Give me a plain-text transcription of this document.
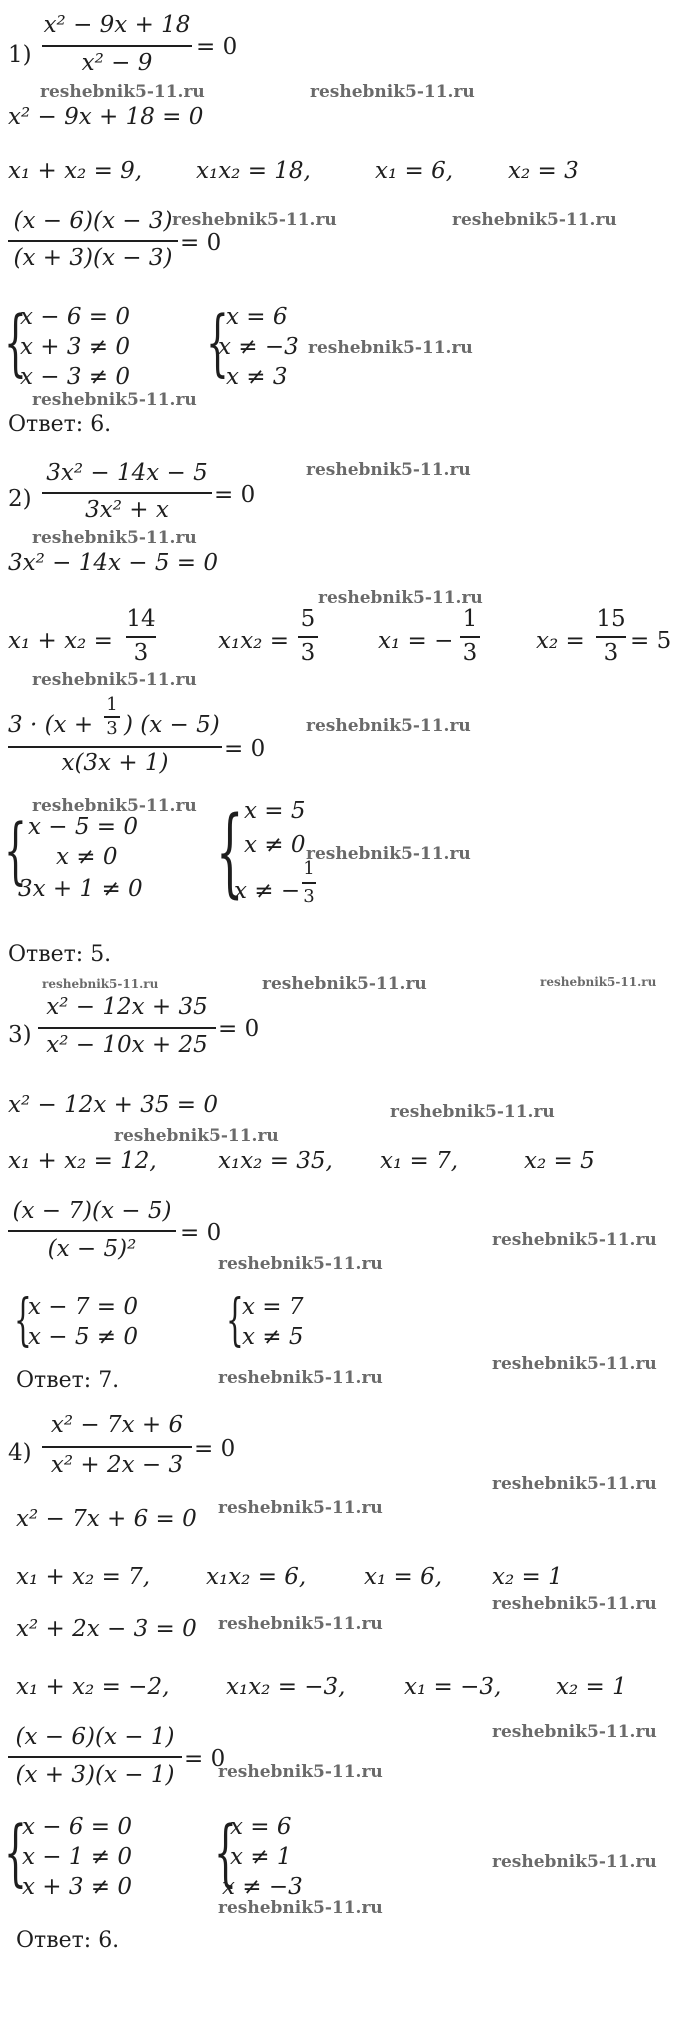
1)
x² − 9x + 18
x² − 9
= 0
reshebnik5-11.ru	reshebnik5-11.ru
x² − 9x + 18 = 0
x₁ + x₂ = 9, x₁x₂ = 18,	x₁ = 6, x₂ = 3
(x − 6)(x − 3)
(x + 3)(x − 3)
= 0
reshebnik5-11.ru	reshebnik5-11.ru
{
x − 6 = 0
x + 3 ≠ 0
x − 3 ≠ 0 {
x = 6
x ≠ −3
x ≠ 3
reshebnik5-11.ru
reshebnik5-11.ru
Ответ: 6.
2)
3x² − 14x − 5
3x² + x
= 0
reshebnik5-11.ru
reshebnik5-11.ru
3x² − 14x − 5 = 0
reshebnik5-11.ru
x₁ + x₂ =
14
3	x₁x₂ =
5
3	x₁ = −
1
3	x₂ =
15
3 = 5
reshebnik5-11.ru
3 · (x +
1
3 ) (x − 5)
x(3x + 1)
= 0
reshebnik5-11.ru
reshebnik5-11.ru
{ x − 5 = 0
x ≠ 0
3x + 1 ≠ 0 { x = 5
x ≠ 0
x ≠ −
1
3
reshebnik5-11.ru
Ответ: 5.
reshebnik5-11.ru	reshebnik5-11.ru	reshebnik5-11.ru
3)
x² − 12x + 35
x² − 10x + 25
= 0
x² − 12x + 35 = 0	reshebnik5-11.ru
reshebnik5-11.ru
x₁ + x₂ = 12,	x₁x₂ = 35, x₁ = 7,	x₂ = 5
(x − 7)(x − 5)
(x − 5)²
= 0	reshebnik5-11.ru
reshebnik5-11.ru
{
x − 7 = 0
x − 5 ≠ 0 {
x = 7
x ≠ 5
reshebnik5-11.ru
Ответ: 7.	reshebnik5-11.ru
4)
x² − 7x + 6
x² + 2x − 3
= 0
reshebnik5-11.ru
x² − 7x + 6 = 0 reshebnik5-11.ru
x₁ + x₂ = 7, x₁x₂ = 6,	x₁ = 6, x₂ = 1
reshebnik5-11.ru
x² + 2x − 3 = 0 reshebnik5-11.ru
x₁ + x₂ = −2, x₁x₂ = −3,	x₁ = −3, x₂ = 1
(x − 6)(x − 1)
(x + 3)(x − 1)
= 0
reshebnik5-11.ru
reshebnik5-11.ru
{
x − 6 = 0
x − 1 ≠ 0
x + 3 ≠ 0 {
x = 6
x ≠ 1
x ≠ −3
reshebnik5-11.ru
reshebnik5-11.ru
Ответ: 6.
